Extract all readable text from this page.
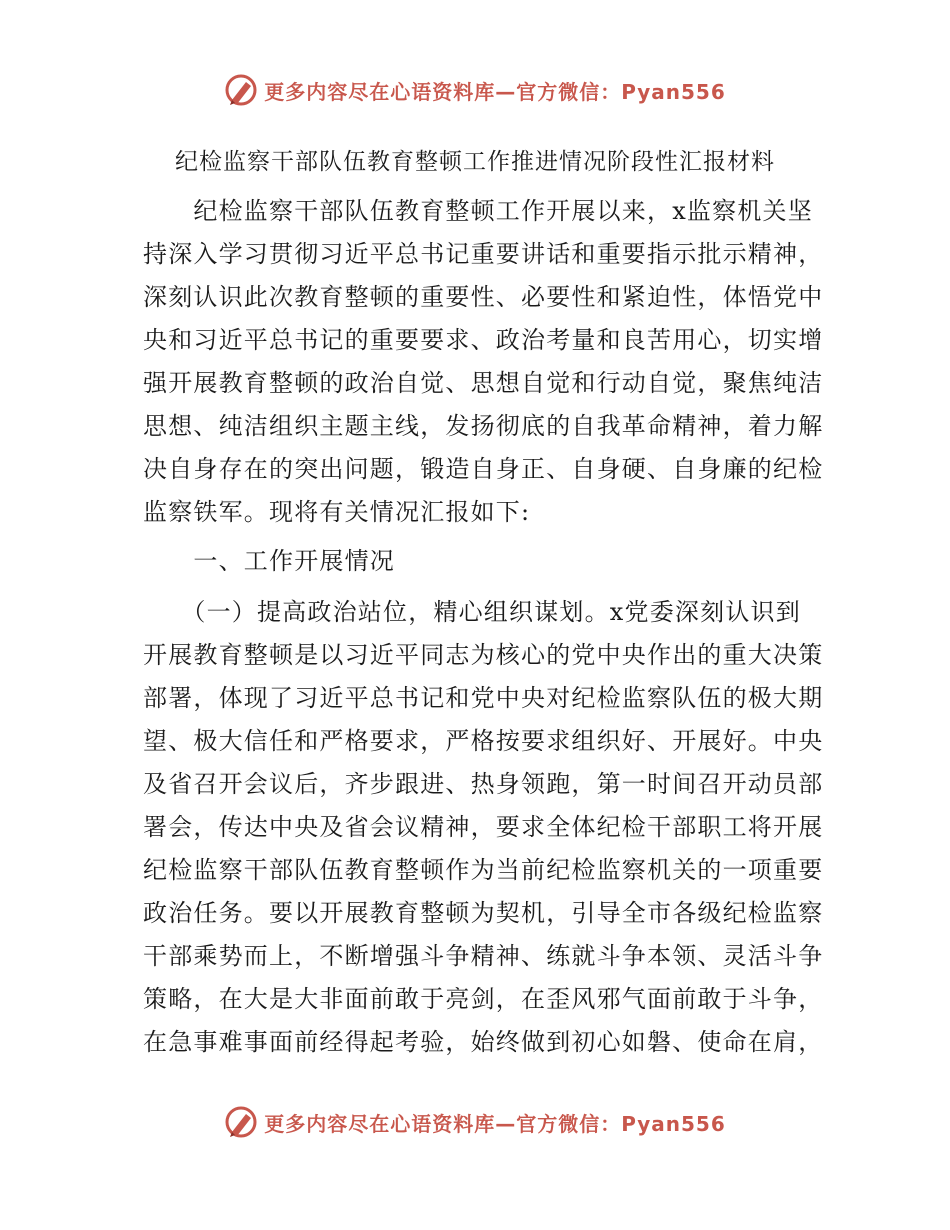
更多内容尽在心语资料库—官方微信：Pyan556
纪检监察干部队伍教育整顿工作推进情况阶段性汇报材料
　　纪检监察干部队伍教育整顿工作开展以来，x监察机关坚
持深入学习贯彻习近平总书记重要讲话和重要指示批示精神，
深刻认识此次教育整顿的重要性、必要性和紧迫性，体悟党中
央和习近平总书记的重要要求、政治考量和良苦用心，切实增
强开展教育整顿的政治自觉、思想自觉和行动自觉，聚焦纯洁
思想、纯洁组织主题主线，发扬彻底的自我革命精神，着力解
决自身存在的突出问题，锻造自身正、自身硬、自身廉的纪检
监察铁军。现将有关情况汇报如下:
　　一、工作开展情况
　　（一）提高政治站位，精心组织谋划。x党委深刻认识到
开展教育整顿是以习近平同志为核心的党中央作出的重大决策
部署，体现了习近平总书记和党中央对纪检监察队伍的极大期
望、极大信任和严格要求，严格按要求组织好、开展好。中央
及省召开会议后，齐步跟进、热身领跑，第一时间召开动员部
署会，传达中央及省会议精神，要求全体纪检干部职工将开展
纪检监察干部队伍教育整顿作为当前纪检监察机关的一项重要
政治任务。要以开展教育整顿为契机，引导全市各级纪检监察
干部乘势而上，不断增强斗争精神、练就斗争本领、灵活斗争
策略，在大是大非面前敢于亮剑，在歪风邪气面前敢于斗争，
在急事难事面前经得起考验，始终做到初心如磐、使命在肩，
更多内容尽在心语资料库—官方微信：Pyan556
